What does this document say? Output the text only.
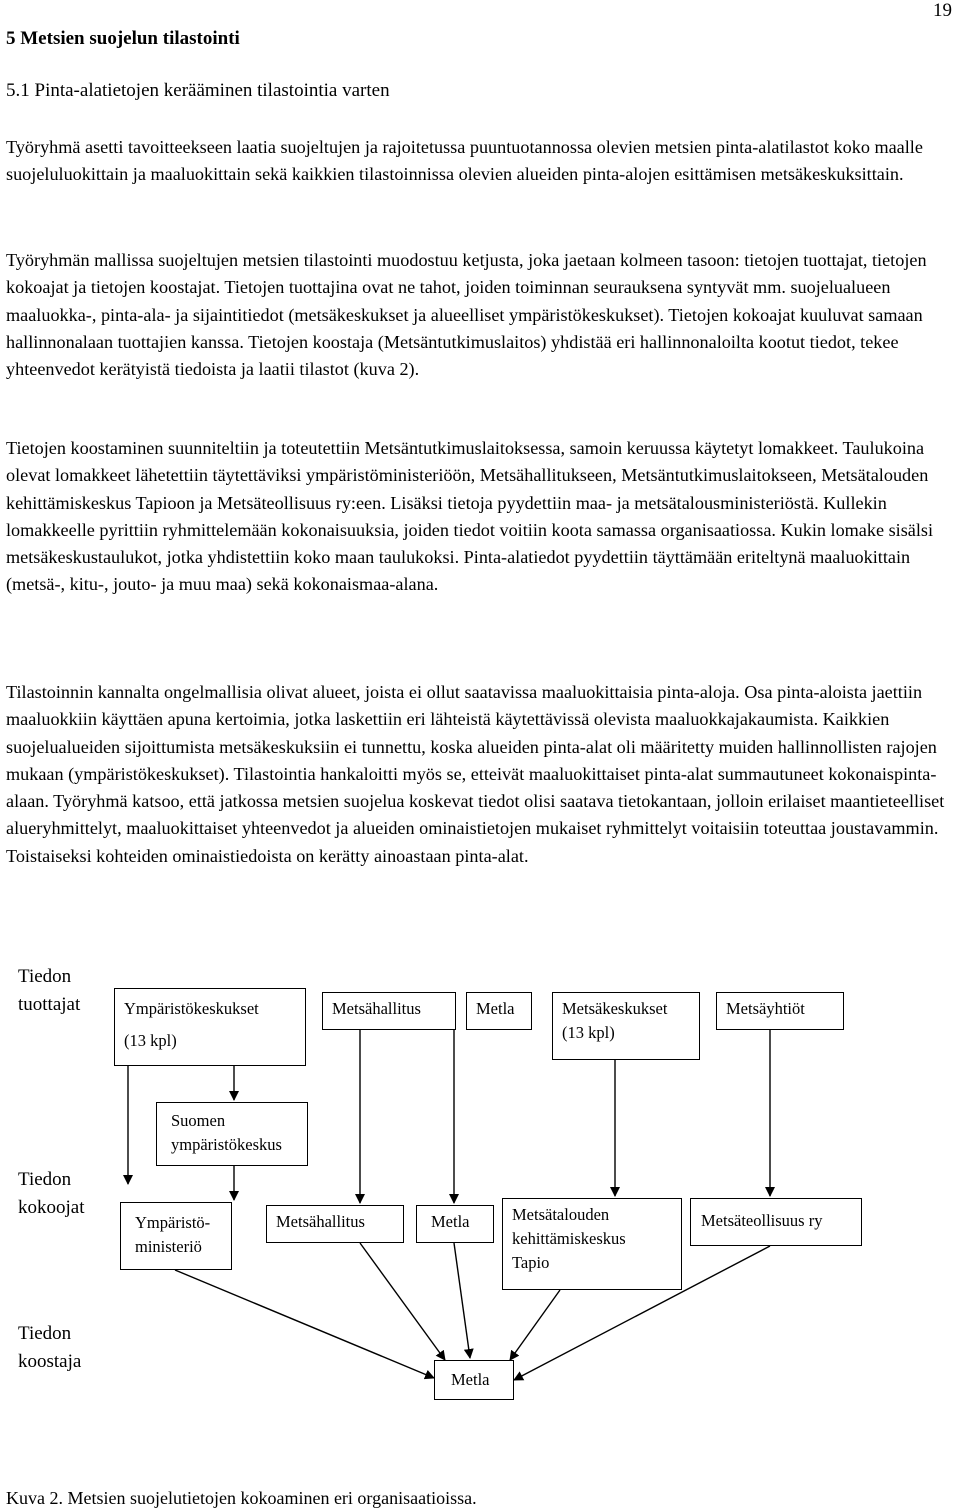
19
5 Metsien suojelun tilastointi
5.1 Pinta-alatietojen kerääminen tilastointia varten

Työryhmä asetti tavoitteekseen laatia suojeltujen ja rajoitetussa puuntuotannossa olevien metsien pinta-alatilastot koko maalle suojeluluokittain ja maaluokittain sekä kaikkien tilastoinnissa olevien alueiden pinta-alojen esittämisen metsäkeskuksittain.

Työryhmän mallissa suojeltujen metsien tilastointi muodostuu ketjusta, joka jaetaan kolmeen tasoon: tietojen tuottajat, tietojen kokoajat ja tietojen koostajat. Tietojen tuottajina ovat ne tahot, joiden toiminnan seurauksena syntyvät mm. suojelualueen maaluokka-, pinta-ala- ja sijaintitiedot (metsäkeskukset ja alueelliset ympäristökeskukset). Tietojen kokoajat kuuluvat samaan hallinnonalaan tuottajien kanssa. Tietojen koostaja (Metsäntutkimuslaitos) yhdistää eri hallinnonaloilta kootut tiedot, tekee yhteenvedot kerätyistä tiedoista ja laatii tilastot (kuva 2).

Tietojen koostaminen suunniteltiin ja toteutettiin Metsäntutkimuslaitoksessa, samoin keruussa käytetyt lomakkeet. Taulukoina olevat lomakkeet lähetettiin täytettäviksi ympäristöministeriöön, Metsähallitukseen, Metsäntutkimuslaitokseen, Metsätalouden kehittämiskeskus Tapioon ja Metsäteollisuus ry:een. Lisäksi tietoja pyydettiin maa- ja metsätalousministeriöstä. Kullekin lomakkeelle pyrittiin ryhmittelemään kokonaisuuksia, joiden tiedot voitiin koota samassa organisaatiossa. Kukin lomake sisälsi metsäkeskustaulukot, jotka yhdistettiin koko maan taulukoksi. Pinta-alatiedot pyydettiin täyttämään eriteltynä maaluokittain (metsä-, kitu-, jouto- ja muu maa) sekä kokonaismaa-alana.

Tilastoinnin kannalta ongelmallisia olivat alueet, joista ei ollut saatavissa maaluokittaisia pinta-aloja. Osa pinta-aloista jaettiin maaluokkiin käyttäen apuna kertoimia, jotka laskettiin eri lähteistä käytettävissä olevista maaluokkajakaumista. Kaikkien suojelualueiden sijoittumista metsäkeskuksiin ei tunnettu, koska alueiden pinta-alat oli määritetty muiden hallinnollisten rajojen mukaan (ympäristökeskukset). Tilastointia hankaloitti myös se, etteivät maaluokittaiset pinta-alat summautuneet kokonaispinta-alaan. Työryhmä katsoo, että jatkossa metsien suojelua koskevat tiedot olisi saatava tietokantaan, jolloin erilaiset maantieteelliset alueryhmittelyt, maaluokittaiset yhteenvedot ja alueiden ominaistietojen mukaiset ryhmittelyt voitaisiin toteuttaa joustavammin. Toistaiseksi kohteiden ominaistiedoista on kerätty ainoastaan pinta-alat.

Tiedon
tuottajat
Tiedon
kokoojat
Tiedon
koostaja
Ympäristökeskukset
(13 kpl)
Metsähallitus	Metla	Metsäkeskukset
(13 kpl)
Metsäyhtiöt
Suomen
ympäristökeskus
Ympäristö-
ministeriö
Metsähallitus	Metla	Metsätalouden
kehittämiskeskus
Tapio
Metsäteollisuus ry
Metla
Kuva 2. Metsien suojelutietojen kokoaminen eri organisaatioissa.
